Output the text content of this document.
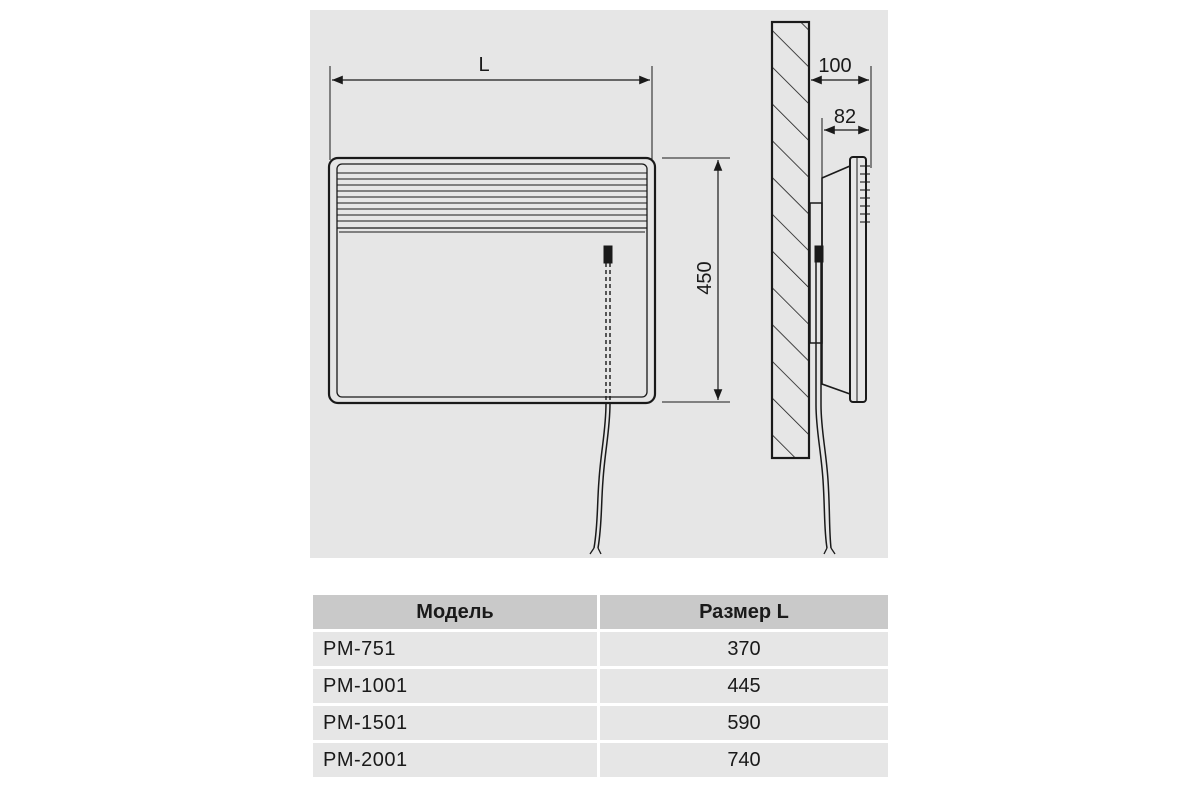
L
450
100
82
Модель	Размер L
PM-751	370
PM-1001	445
PM-1501	590
PM-2001	740
